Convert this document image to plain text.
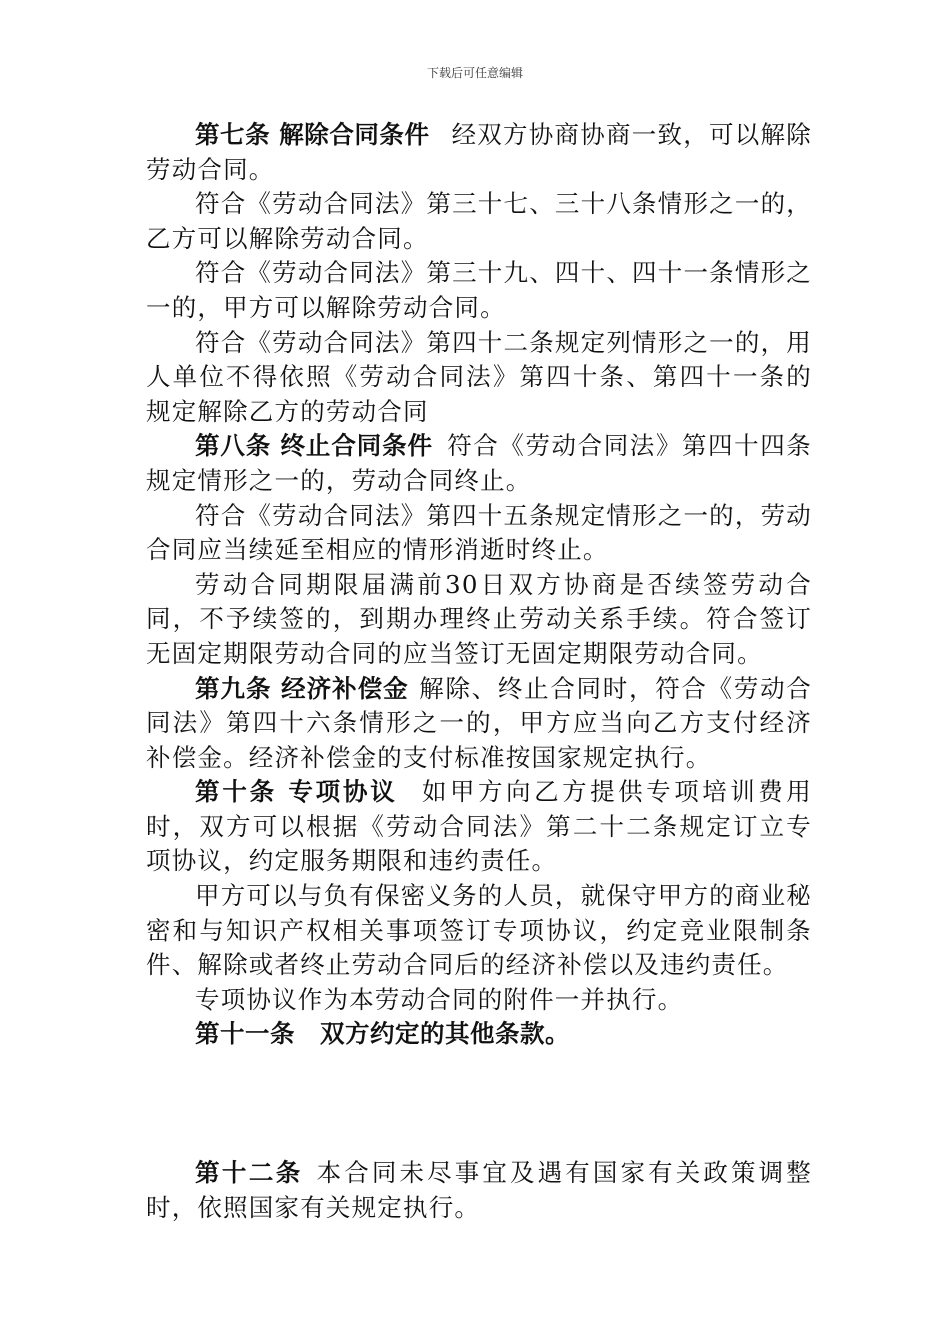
下载后可任意编辑

第七条 解除合同条件 经双方协商协商一致，可以解除劳动合同。

符合《劳动合同法》第三十七、三十八条情形之一的，乙方可以解除劳动合同。

符合《劳动合同法》第三十九、四十、四十一条情形之一的，甲方可以解除劳动合同。

符合《劳动合同法》第四十二条规定列情形之一的，用人单位不得依照《劳动合同法》第四十条、第四十一条的规定解除乙方的劳动合同

第八条 终止合同条件 符合《劳动合同法》第四十四条规定情形之一的，劳动合同终止。

符合《劳动合同法》第四十五条规定情形之一的，劳动合同应当续延至相应的情形消逝时终止。

劳动合同期限届满前30日双方协商是否续签劳动合同，不予续签的，到期办理终止劳动关系手续。符合签订无固定期限劳动合同的应当签订无固定期限劳动合同。

第九条 经济补偿金 解除、终止合同时，符合《劳动合同法》第四十六条情形之一的，甲方应当向乙方支付经济补偿金。经济补偿金的支付标准按国家规定执行。

第十条 专项协议 如甲方向乙方提供专项培训费用时，双方可以根据《劳动合同法》第二十二条规定订立专项协议，约定服务期限和违约责任。

甲方可以与负有保密义务的人员，就保守甲方的商业秘密和与知识产权相关事项签订专项协议，约定竞业限制条件、解除或者终止劳动合同后的经济补偿以及违约责任。

专项协议作为本劳动合同的附件一并执行。

第十一条　双方约定的其他条款。

第十二条 本合同未尽事宜及遇有国家有关政策调整时，依照国家有关规定执行。
